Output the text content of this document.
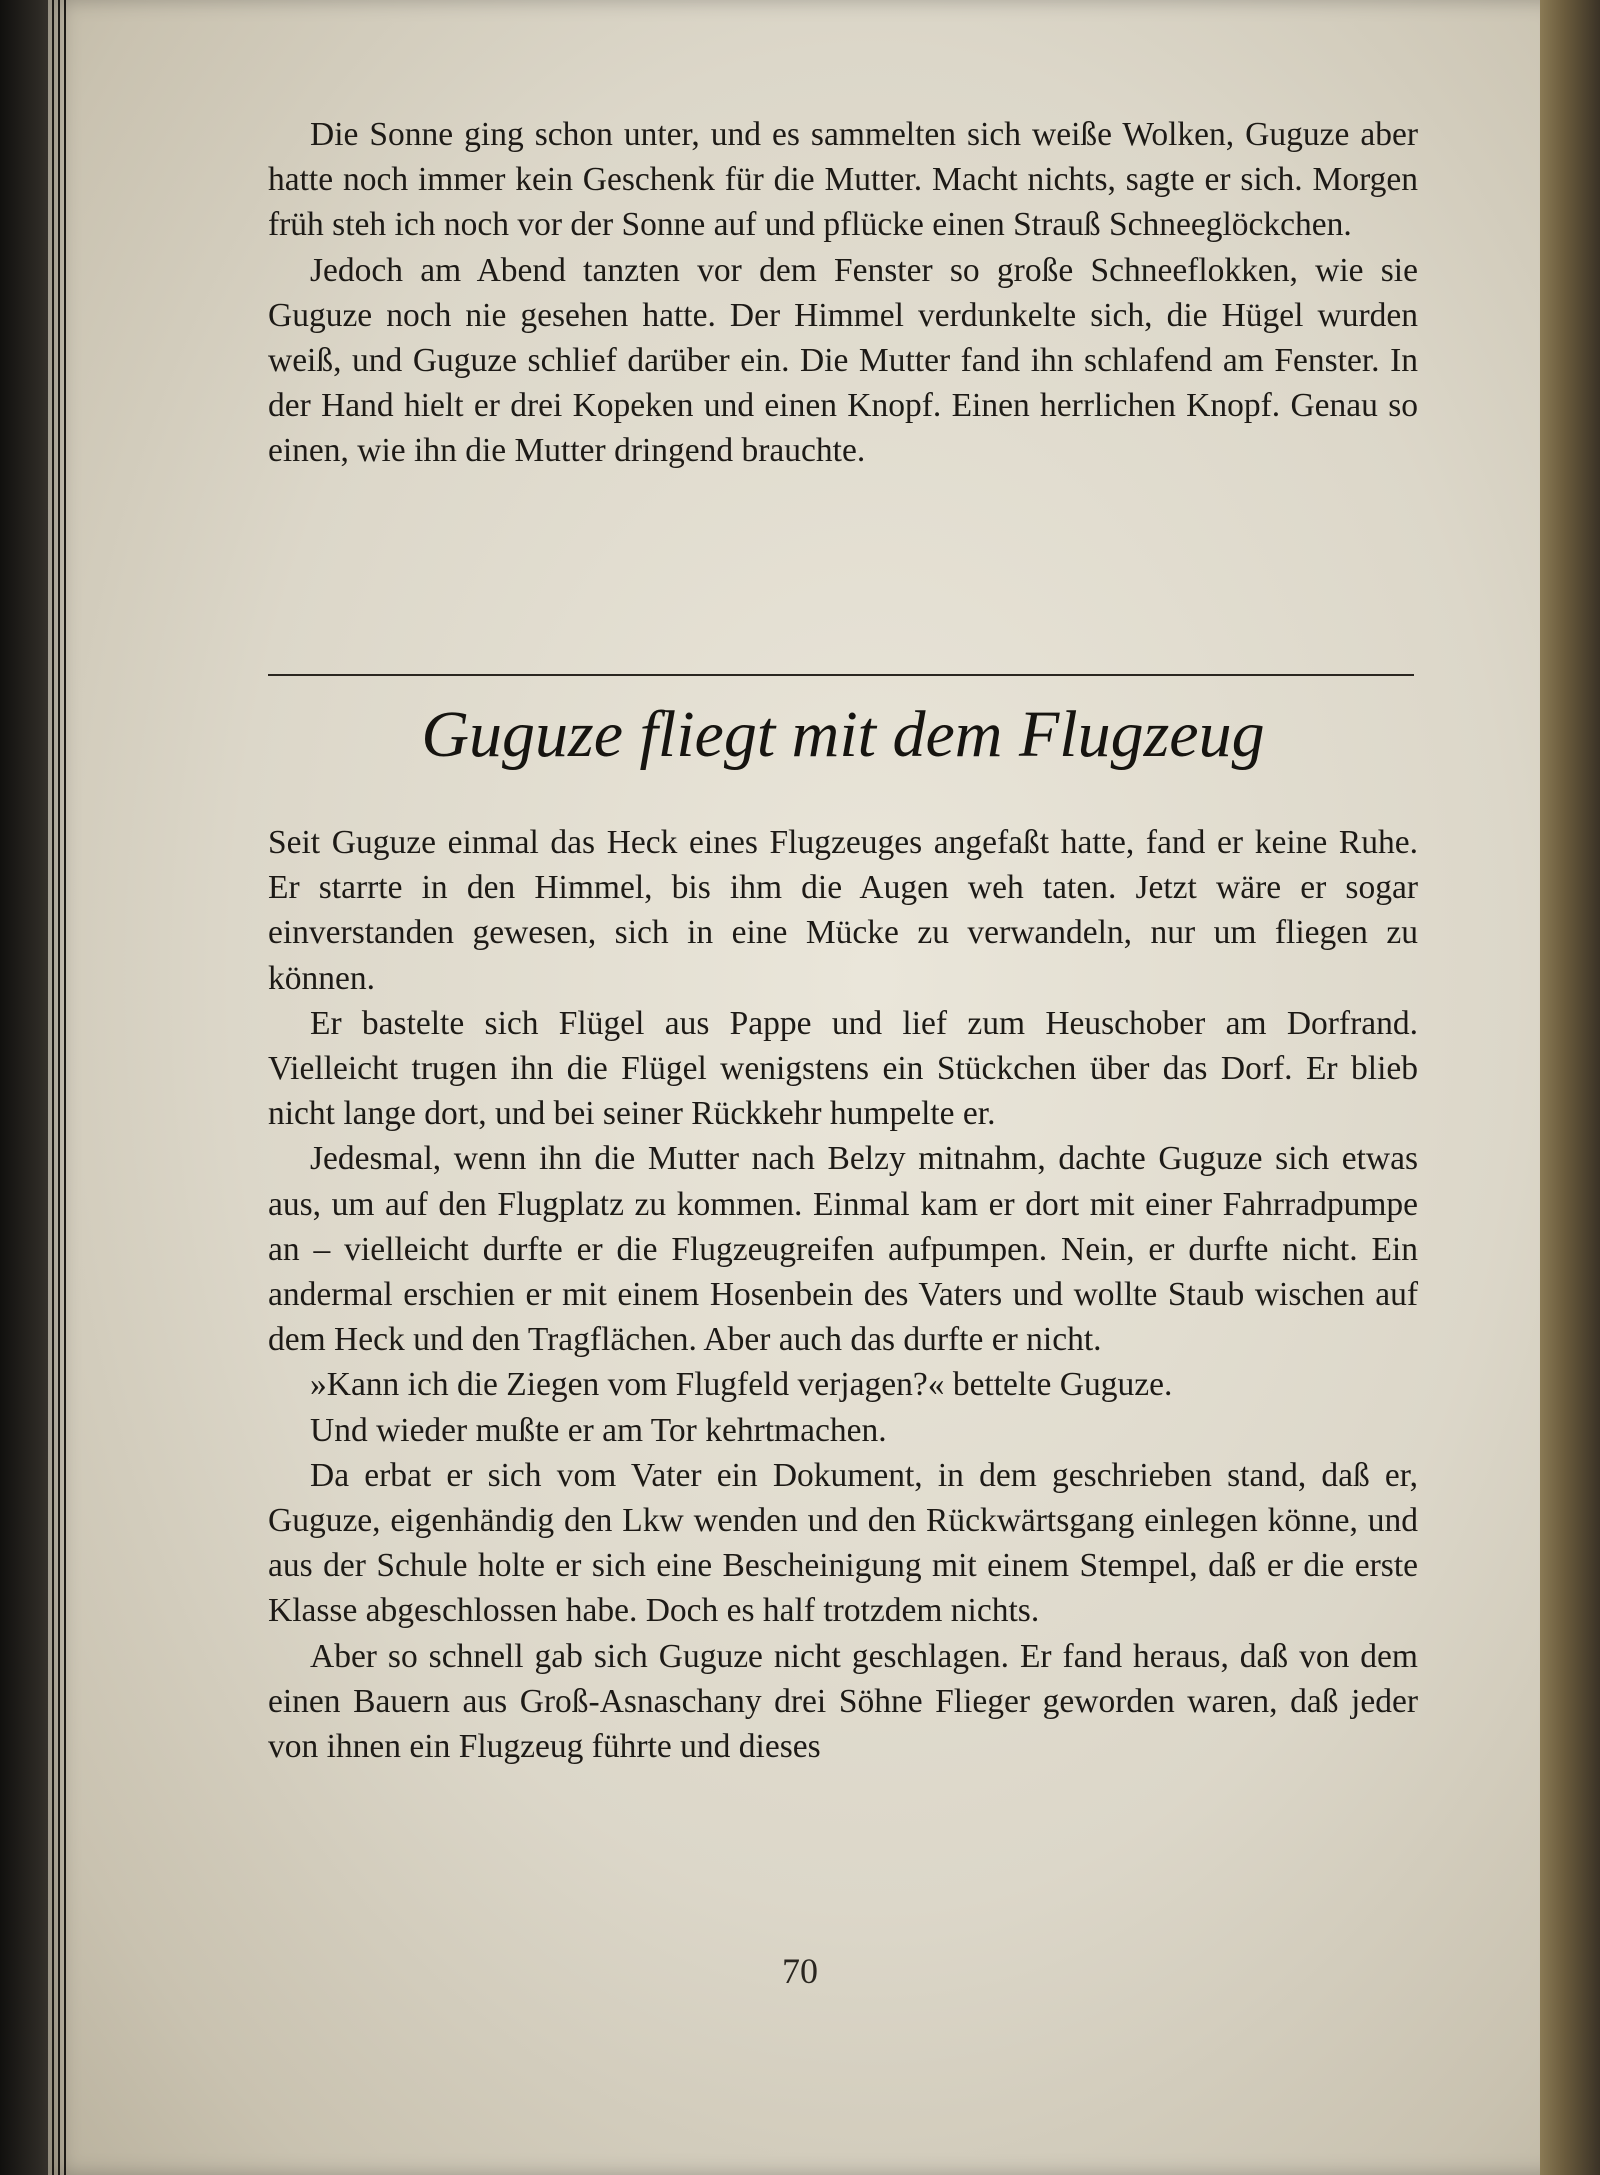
Die Sonne ging schon unter, und es sammelten sich weiße Wolken, Guguze aber hatte noch immer kein Geschenk für die Mutter. Macht nichts, sagte er sich. Morgen früh steh ich noch vor der Sonne auf und pflücke einen Strauß Schneeglöckchen.

Jedoch am Abend tanzten vor dem Fenster so große Schneeflokken, wie sie Guguze noch nie gesehen hatte. Der Himmel verdunkelte sich, die Hügel wurden weiß, und Guguze schlief darüber ein. Die Mutter fand ihn schlafend am Fenster. In der Hand hielt er drei Kopeken und einen Knopf. Einen herrlichen Knopf. Genau so einen, wie ihn die Mutter dringend brauchte.

Guguze fliegt mit dem Flugzeug

Seit Guguze einmal das Heck eines Flugzeuges angefaßt hatte, fand er keine Ruhe. Er starrte in den Himmel, bis ihm die Augen weh taten. Jetzt wäre er sogar einverstanden gewesen, sich in eine Mücke zu verwandeln, nur um fliegen zu können.

Er bastelte sich Flügel aus Pappe und lief zum Heuschober am Dorfrand. Vielleicht trugen ihn die Flügel wenigstens ein Stückchen über das Dorf. Er blieb nicht lange dort, und bei seiner Rückkehr humpelte er.

Jedesmal, wenn ihn die Mutter nach Belzy mitnahm, dachte Guguze sich etwas aus, um auf den Flugplatz zu kommen. Einmal kam er dort mit einer Fahrradpumpe an – vielleicht durfte er die Flugzeugreifen aufpumpen. Nein, er durfte nicht. Ein andermal erschien er mit einem Hosenbein des Vaters und wollte Staub wischen auf dem Heck und den Tragflächen. Aber auch das durfte er nicht.

»Kann ich die Ziegen vom Flugfeld verjagen?« bettelte Guguze.

Und wieder mußte er am Tor kehrtmachen.

Da erbat er sich vom Vater ein Dokument, in dem geschrieben stand, daß er, Guguze, eigenhändig den Lkw wenden und den Rückwärtsgang einlegen könne, und aus der Schule holte er sich eine Bescheinigung mit einem Stempel, daß er die erste Klasse abgeschlossen habe. Doch es half trotzdem nichts.

Aber so schnell gab sich Guguze nicht geschlagen. Er fand heraus, daß von dem einen Bauern aus Groß-Asnaschany drei Söhne Flieger geworden waren, daß jeder von ihnen ein Flugzeug führte und dieses

70
